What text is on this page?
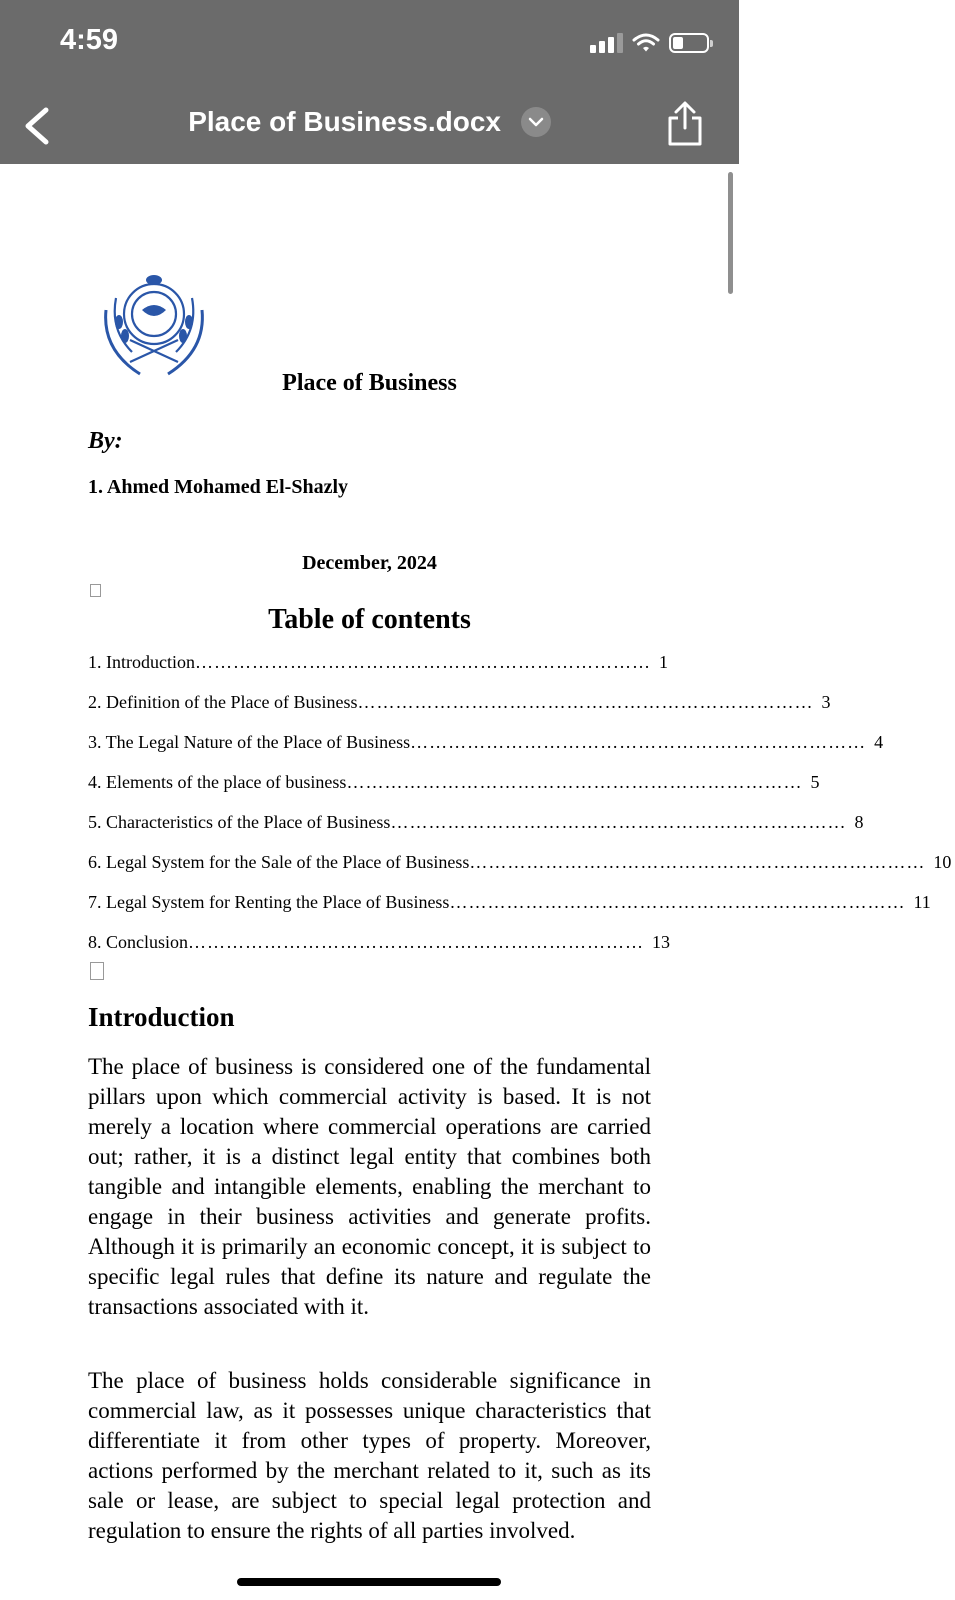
4:59
Place of Business.docx
Place of Business
By:
1. Ahmed Mohamed El-Shazly
December, 2024
Table of contents
1. Introduction ……………………………………………………………… 1
2. Definition of the Place of Business ……………………………………………………………… 3
3. The Legal Nature of the Place of Business ……………………………………………………………… 4
4. Elements of the place of business ……………………………………………………………… 5
5. Characteristics of the Place of Business ……………………………………………………………… 8
6. Legal System for the Sale of the Place of Business ……………………………………………………………… 10
7. Legal System for Renting the Place of Business ……………………………………………………………… 11
8. Conclusion ……………………………………………………………… 13
Introduction

The place of business is considered one of the fundamental pillars upon which commercial activity is based. It is not merely a location where commercial operations are carried out; rather, it is a distinct legal entity that combines both tangible and intangible elements, enabling the merchant to engage in their business activities and generate profits. Although it is primarily an economic concept, it is subject to specific legal rules that define its nature and regulate the transactions associated with it.

The place of business holds considerable significance in commercial law, as it possesses unique characteristics that differentiate it from other types of property. Moreover, actions performed by the merchant related to it, such as its sale or lease, are subject to special legal protection and regulation to ensure the rights of all parties involved.
